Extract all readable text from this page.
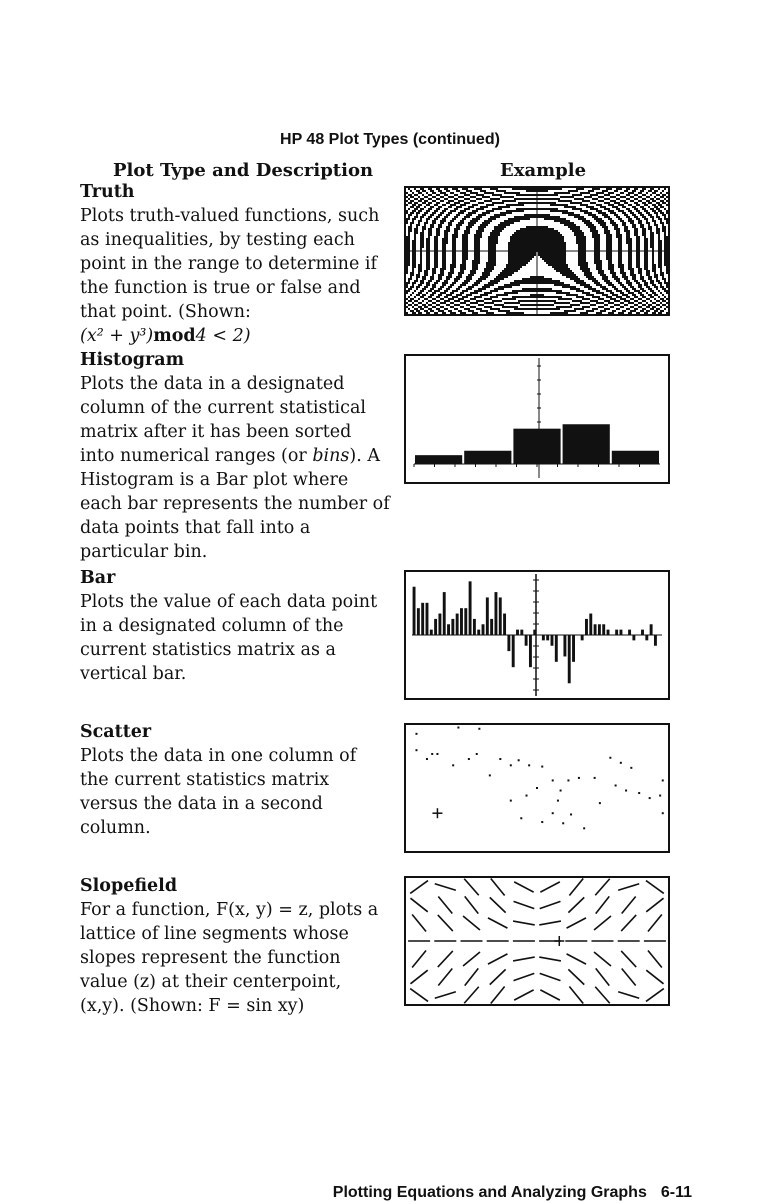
HP 48 Plot Types (continued)
Plot Type and Description	Example
Truth
Plots truth-valued functions, such as inequalities, by testing each point in the range to determine if the function is true or false and that point. (Shown:
(x² + y³)mod4 < 2)
Histogram
Plots the data in a designated column of the current statistical matrix after it has been sorted into numerical ranges (or bins). A Histogram is a Bar plot where each bar represents the number of data points that fall into a particular bin.
Bar
Plots the value of each data point in a designated column of the current statistics matrix as a vertical bar.
Scatter
Plots the data in one column of the current statistics matrix versus the data in a second column.
Slopefield
For a function, F(x, y) = z, plots a lattice of line segments whose slopes represent the function value (z) at their centerpoint, (x,y). (Shown: F = sin xy)
Plotting Equations and Analyzing Graphs 6-11
